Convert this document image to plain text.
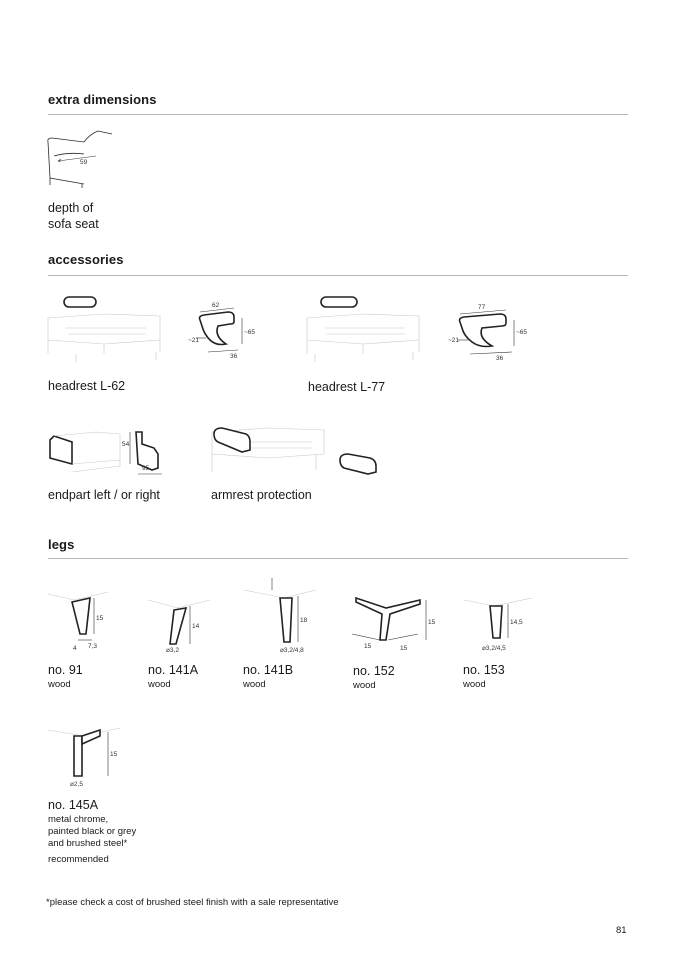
extra dimensions
59
depth of
sofa seat
accessories
62
~65
~21
36
headrest L-62
77
~65
~21
36
headrest L-77
54
95
endpart left / or right	armrest protection
legs
15
4 7,3
no. 91
wood
14
⌀3,2
no. 141A
wood
18
⌀3,2/4,8
no. 141B
wood
15
15	15
no. 152
wood
14,5
⌀3,2/4,5
no. 153
wood
15
⌀2,5
no. 145A
metal chrome,
painted black or grey
and brushed steel*
recommended
*please check a cost of brushed steel finish with a sale representative
81
